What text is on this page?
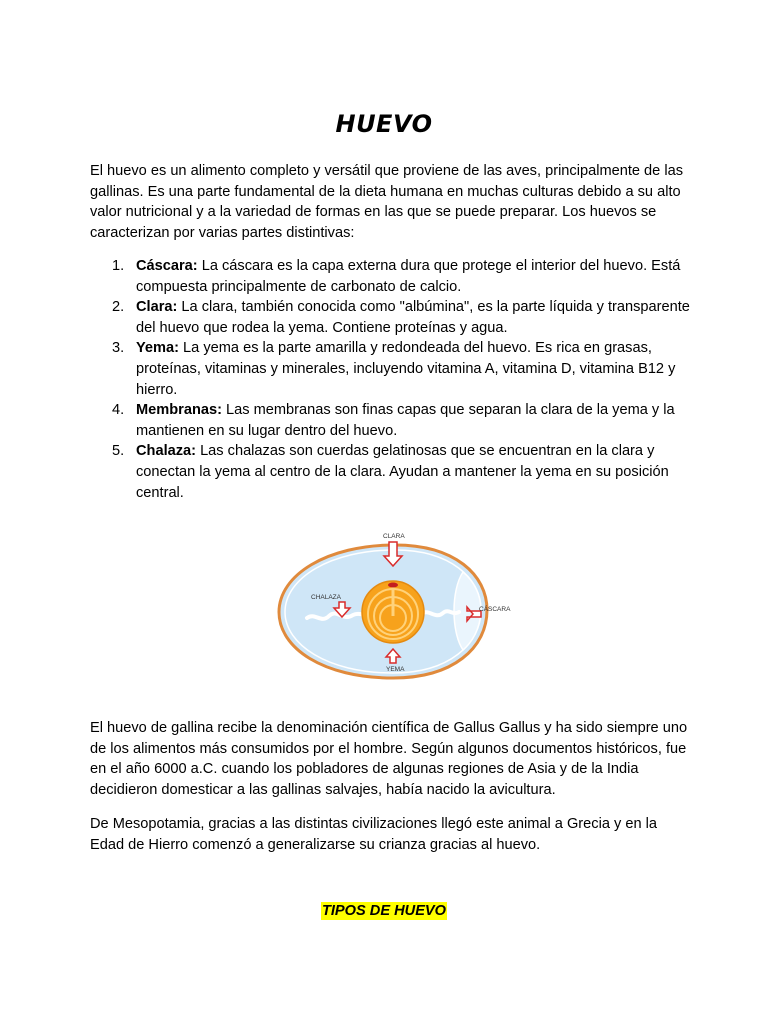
HUEVO

El huevo es un alimento completo y versátil que proviene de las aves, principalmente de las gallinas. Es una parte fundamental de la dieta humana en muchas culturas debido a su alto valor nutricional y a la variedad de formas en las que se puede preparar. Los huevos se caracterizan por varias partes distintivas:

1. Cáscara: La cáscara es la capa externa dura que protege el interior del huevo. Está compuesta principalmente de carbonato de calcio.
2. Clara: La clara, también conocida como "albúmina", es la parte líquida y transparente del huevo que rodea la yema. Contiene proteínas y agua.
3. Yema: La yema es la parte amarilla y redondeada del huevo. Es rica en grasas, proteínas, vitaminas y minerales, incluyendo vitamina A, vitamina D, vitamina B12 y hierro.
4. Membranas: Las membranas son finas capas que separan la clara de la yema y la mantienen en su lugar dentro del huevo.
5. Chalaza: Las chalazas son cuerdas gelatinosas que se encuentran en la clara y conectan la yema al centro de la clara. Ayudan a mantener la yema en su posición central.
CLARA
CHALAZA
CÁSCARA
YEMA

El huevo de gallina recibe la denominación científica de Gallus Gallus y ha sido siempre uno de los alimentos más consumidos por el hombre. Según algunos documentos históricos, fue en el año 6000 a.C. cuando los pobladores de algunas regiones de Asia y de la India decidieron domesticar a las gallinas salvajes, había nacido la avicultura.

De Mesopotamia, gracias a las distintas civilizaciones llegó este animal a Grecia y en la Edad de Hierro comenzó a generalizarse su crianza gracias al huevo.

TIPOS DE HUEVO
